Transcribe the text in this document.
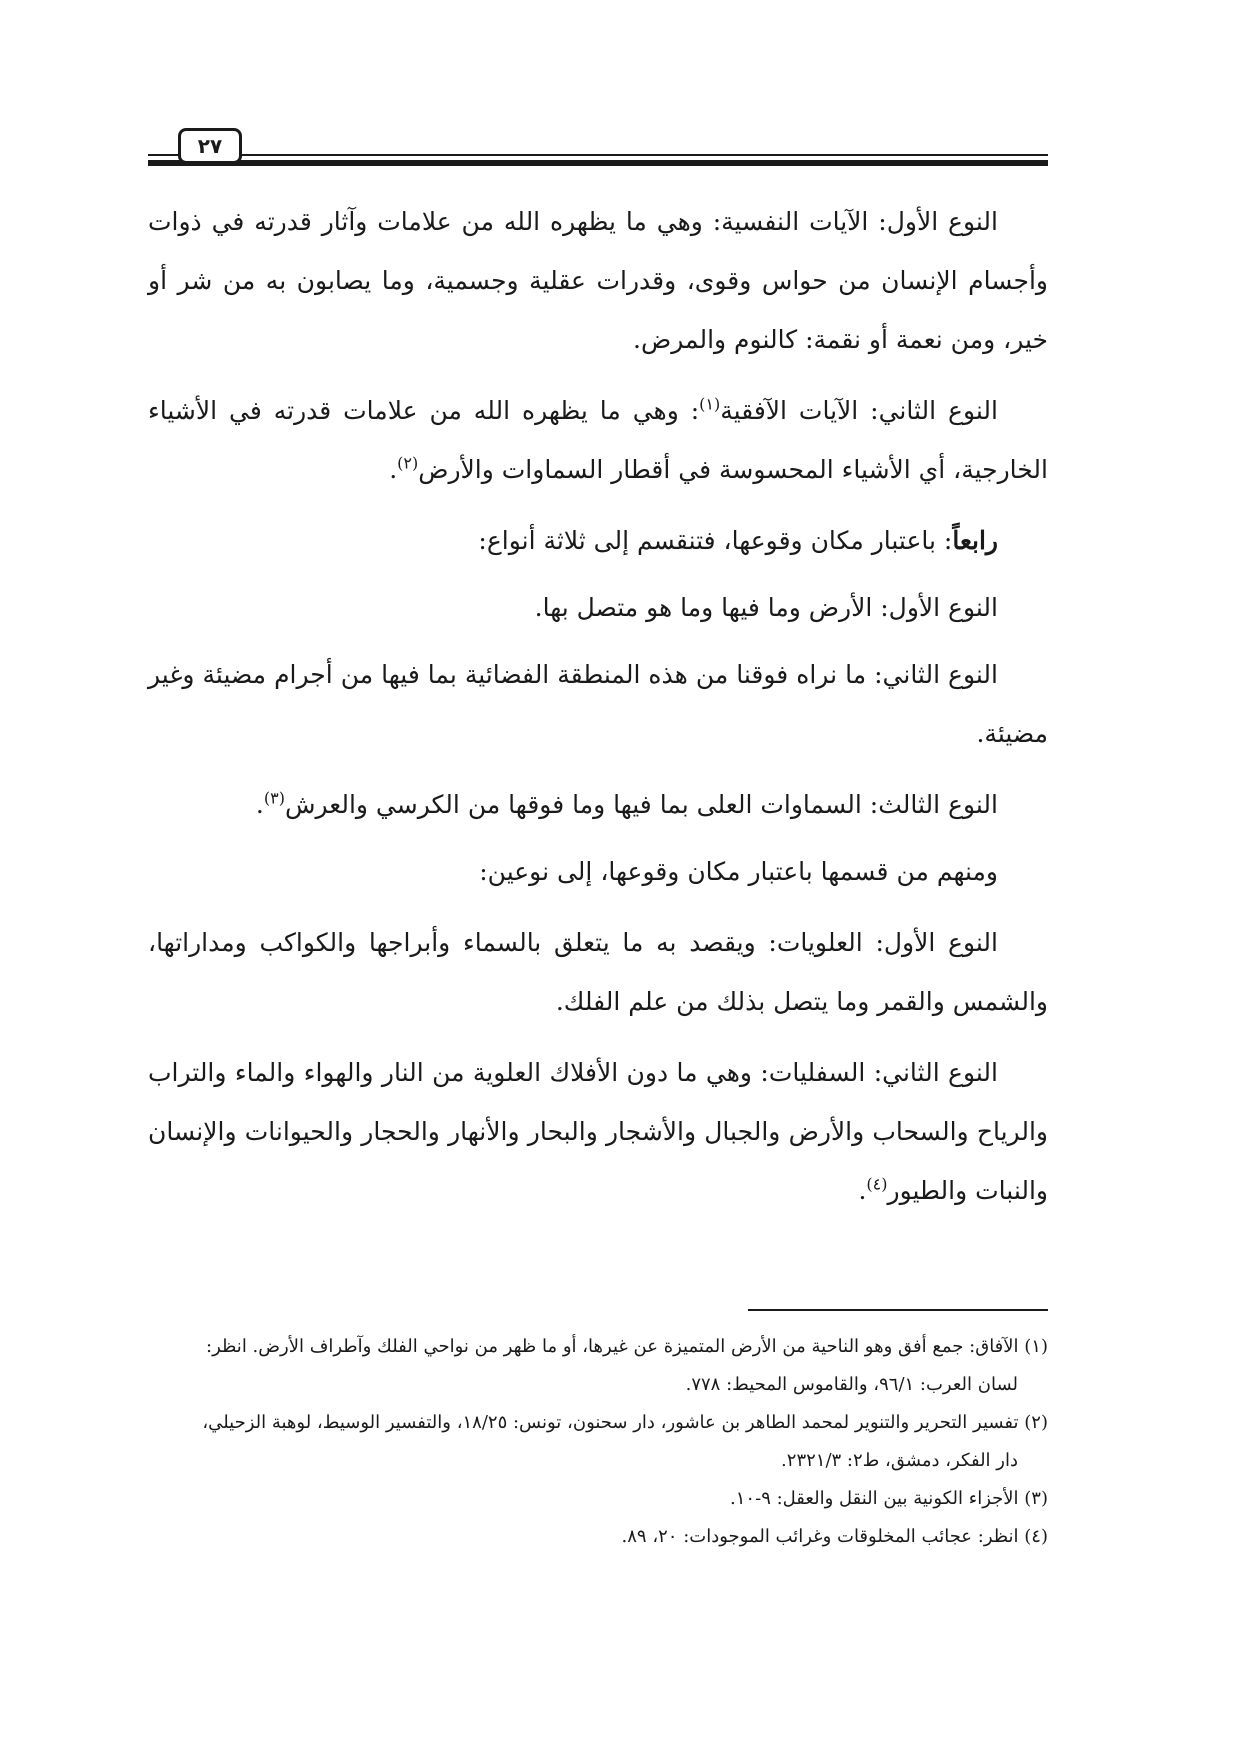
٢٧

النوع الأول: الآيات النفسية: وهي ما يظهره الله من علامات وآثار قدرته في ذوات وأجسام الإنسان من حواس وقوى، وقدرات عقلية وجسمية، وما يصابون به من شر أو خير، ومن نعمة أو نقمة: كالنوم والمرض.

النوع الثاني: الآيات الآفقية$^{(١)}$: وهي ما يظهره الله من علامات قدرته في الأشياء الخارجية، أي الأشياء المحسوسة في أقطار السماوات والأرض$^{(٢)}$.

رابعاً: باعتبار مكان وقوعها، فتنقسم إلى ثلاثة أنواع:

النوع الأول: الأرض وما فيها وما هو متصل بها.

النوع الثاني: ما نراه فوقنا من هذه المنطقة الفضائية بما فيها من أجرام مضيئة وغير مضيئة.

النوع الثالث: السماوات العلى بما فيها وما فوقها من الكرسي والعرش$^{(٣)}$.

ومنهم من قسمها باعتبار مكان وقوعها، إلى نوعين:

النوع الأول: العلويات: ويقصد به ما يتعلق بالسماء وأبراجها والكواكب ومداراتها، والشمس والقمر وما يتصل بذلك من علم الفلك.

النوع الثاني: السفليات: وهي ما دون الأفلاك العلوية من النار والهواء والماء والتراب والرياح والسحاب والأرض والجبال والأشجار والبحار والأنهار والحجار والحيوانات والإنسان والنبات والطيور$^{(٤)}$.

(١) الآفاق: جمع أفق وهو الناحية من الأرض المتميزة عن غيرها، أو ما ظهر من نواحي الفلك وآطراف الأرض. انظر:
لسان العرب: ٩٦/١، والقاموس المحيط: ٧٧٨.
(٢) تفسير التحرير والتنوير لمحمد الطاهر بن عاشور، دار سحنون، تونس: ١٨/٢٥، والتفسير الوسيط، لوهبة الزحيلي،
دار الفكر، دمشق، ط٢: ٢٣٢١/٣.
(٣) الأجزاء الكونية بين النقل والعقل: ٩-١٠.
(٤) انظر: عجائب المخلوقات وغرائب الموجودات: ٢٠، ٨٩.
